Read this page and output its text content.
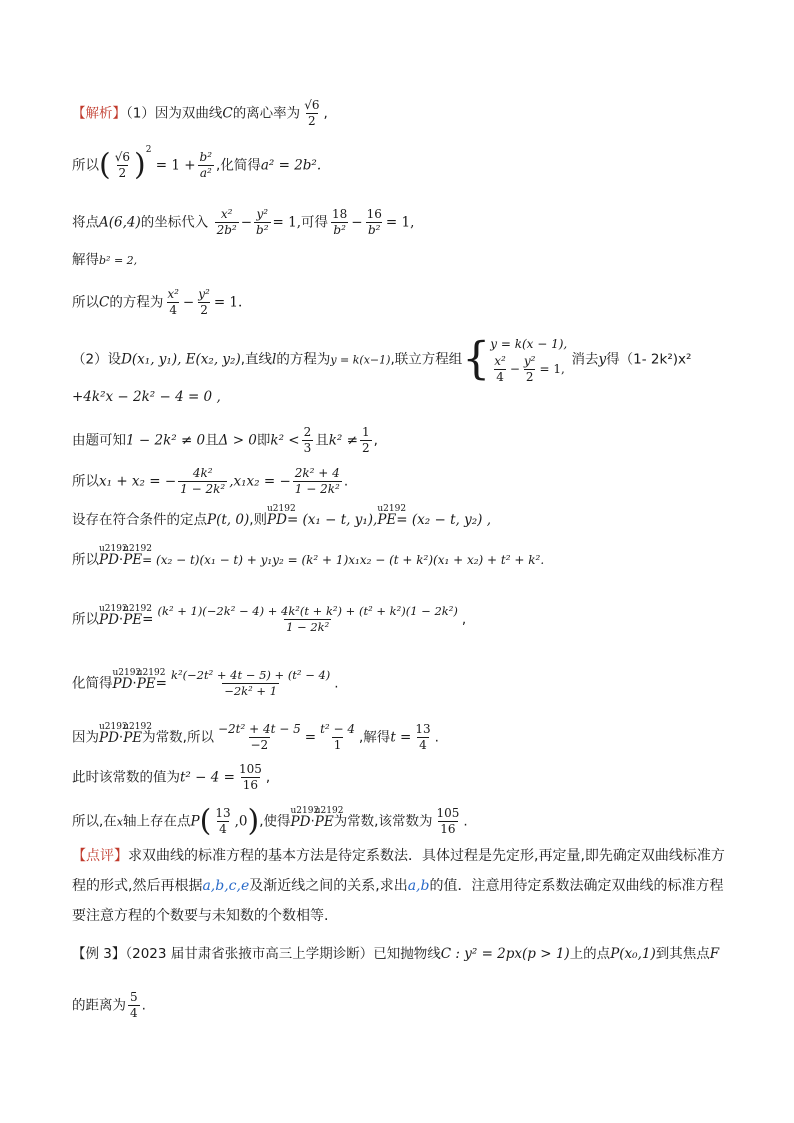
【解析】（1）因为双曲线C的离心率为 $\frac{√6}{2}$ ,
所以( $\frac{√6}{2} )^2 = 1 + \frac{\text{b²}}{\text{a²}}$ ,化简得a² = 2b².
将点A(6,4)的坐标代入 $\frac{\text{x²}}{\text{2b²}} - \frac{\text{y²}}{\text{b²}} = 1$,可得 $\frac{18}{\text{b²}} - \frac{16}{\text{b²}} = 1$,
解得b² = 2,
所以C的方程为 $\frac{\text{x²}}{4} - \frac{\text{y²}}{2} = 1$.
（2）设D(x₁, y₁), E(x₂, y₂),直线l的方程为y = k(x−1),联立方程组{ y = k(x − 1),
$\frac{\text{x²}}{4} - \frac{\text{y²}}{2} = 1$,
消去y得（1- 2k²)x²
+4k²x − 2k² − 4 = 0 ,
由题可知1 − 2k² ≠ 0且Δ > 0即$k^2 < \frac{2}{3}$ 且$k^2 \ne \frac{1}{2}$ ,
所以x₁ + x₂ = − $\frac{\text{4k²}}{\text{1 − 2k²}} ,x_1x_2$ = − $\frac{\text{2k² + 4}}{\text{1 − 2k²}}$ .
设存在符合条件的定点P(t, 0),则u2192 PD= (x₁ − t, y₁),u2192 PE= (x₂ − t, y₂) ,
所以u2192 PD·u2192 PE= (x₂ − t)(x₁ − t) + y₁y₂ = (k² + 1)x₁x₂ − (t + k²)(x₁ + x₂) + t² + k².
所以u2192 PD·u2192 $PE= \frac{\text{(k² + 1)(−2k² − 4) + 4k²(t + k²) + (t² + k²)(1 − 2k²)}}{\text{1 − 2k²}}$ ,
化简得u2192 PD·u2192 $PE= \frac{\text{k²(−2t² + 4t − 5) + (t² − 4)}}{\text{−2k² + 1}}$ .
因为u2192 PD·u2192 PE为常数,所以 $\frac{\text{−2t² + 4t − 5}}{-2} = \frac{\text{t² − 4}}{1}$ ,解得$t = \frac{13}{4}$ .
此时该常数的值为$t^2 - 4 = \frac{105}{16}$ ,
所以,在x轴上存在点$P( \frac{13}{4} ,0)$,使得u2192 PD·u2192 PE为常数,该常数为 $\frac{105}{16}$ .
【点评】求双曲线的标准方程的基本方法是待定系数法．具体过程是先定形,再定量,即先确定双曲线标准方
程的形式,然后再根据a,b,c,e及渐近线之间的关系,求出a,b的值．注意用待定系数法确定双曲线的标准方程
要注意方程的个数要与未知数的个数相等.
【例 3】（2023 届甘肃省张掖市高三上学期诊断）已知抛物线C : y² = 2px(p > 1)上的点P(x₀,1)到其焦点F
的距离为 $\frac{5}{4}$ .
